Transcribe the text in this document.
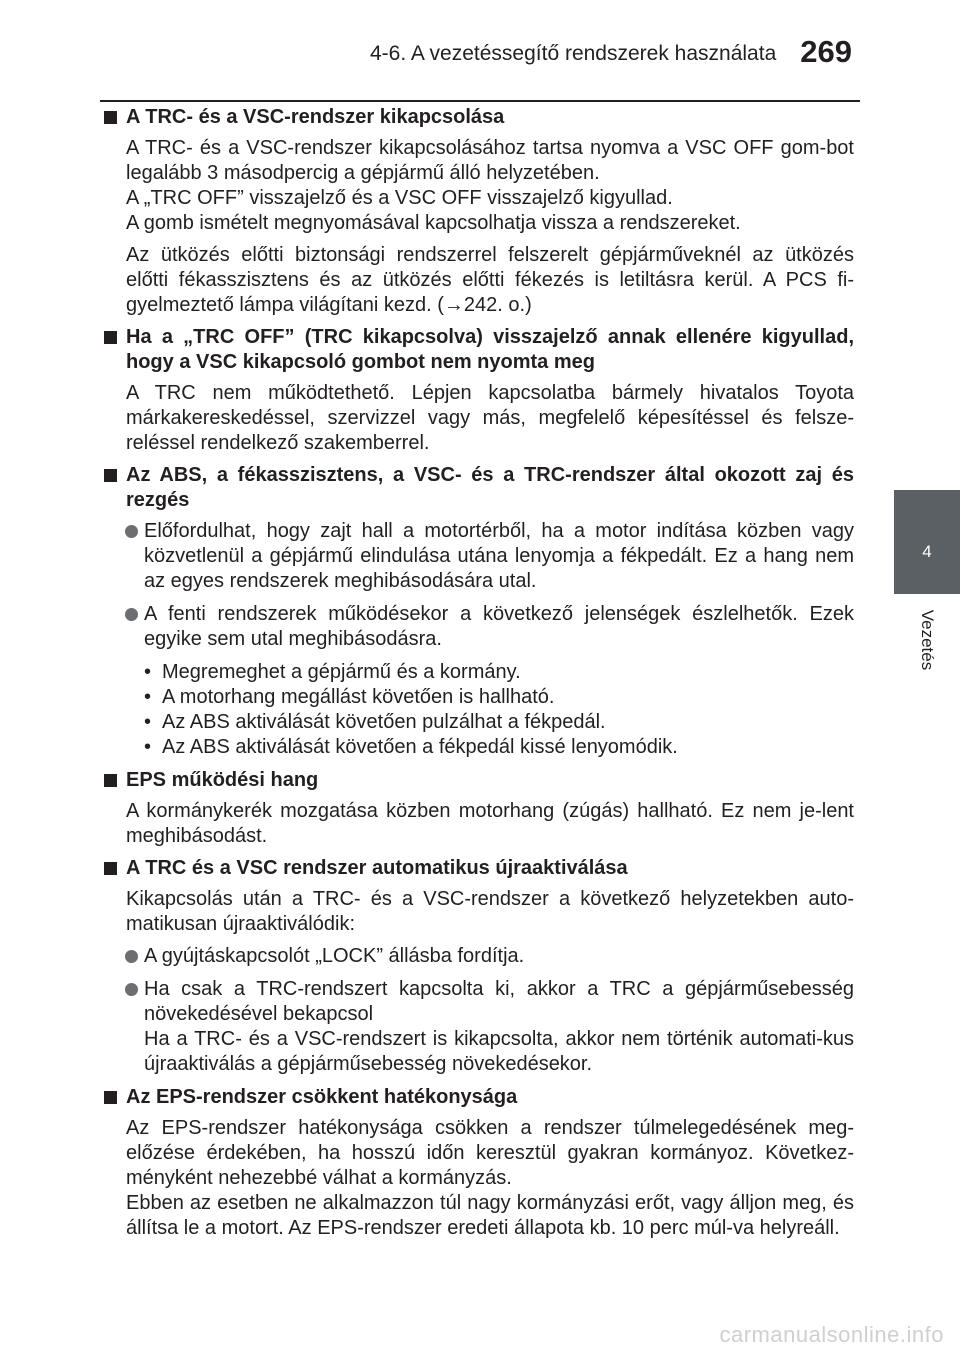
4-6. A vezetéssegítő rendszerek használata 269
4
Vezetés
A TRC- és a VSC-rendszer kikapcsolása
A TRC- és a VSC-rendszer kikapcsolásához tartsa nyomva a VSC OFF gom-bot legalább 3 másodpercig a gépjármű álló helyzetében.
A „TRC OFF” visszajelző és a VSC OFF visszajelző kigyullad.
A gomb ismételt megnyomásával kapcsolhatja vissza a rendszereket.
Az ütközés előtti biztonsági rendszerrel felszerelt gépjárműveknél az ütközés előtti fékasszisztens és az ütközés előtti fékezés is letiltásra kerül. A PCS fi-gyelmeztető lámpa világítani kezd. (→242. o.)
Ha a „TRC OFF” (TRC kikapcsolva) visszajelző annak ellenére kigyullad, hogy a VSC kikapcsoló gombot nem nyomta meg
A TRC nem működtethető. Lépjen kapcsolatba bármely hivatalos Toyota márkakereskedéssel, szervizzel vagy más, megfelelő képesítéssel és felsze-reléssel rendelkező szakemberrel.
Az ABS, a fékasszisztens, a VSC- és a TRC-rendszer által okozott zaj és rezgés
Előfordulhat, hogy zajt hall a motortérből, ha a motor indítása közben vagy közvetlenül a gépjármű elindulása utána lenyomja a fékpedált. Ez a hang nem az egyes rendszerek meghibásodására utal.
A fenti rendszerek működésekor a következő jelenségek észlelhetők. Ezek egyike sem utal meghibásodásra.
• Megremeghet a gépjármű és a kormány.
• A motorhang megállást követően is hallható.
• Az ABS aktiválását követően pulzálhat a fékpedál.
• Az ABS aktiválását követően a fékpedál kissé lenyomódik.
EPS működési hang
A kormánykerék mozgatása közben motorhang (zúgás) hallható. Ez nem je-lent meghibásodást.
A TRC és a VSC rendszer automatikus újraaktiválása
Kikapcsolás után a TRC- és a VSC-rendszer a következő helyzetekben auto-matikusan újraaktiválódik:
A gyújtáskapcsolót „LOCK” állásba fordítja.
Ha csak a TRC-rendszert kapcsolta ki, akkor a TRC a gépjárműsebesség növekedésével bekapcsol
Ha a TRC- és a VSC-rendszert is kikapcsolta, akkor nem történik automati-kus újraaktiválás a gépjárműsebesség növekedésekor.
Az EPS-rendszer csökkent hatékonysága
Az EPS-rendszer hatékonysága csökken a rendszer túlmelegedésének meg-előzése érdekében, ha hosszú időn keresztül gyakran kormányoz. Következ-ményként nehezebbé válhat a kormányzás.
Ebben az esetben ne alkalmazzon túl nagy kormányzási erőt, vagy álljon meg, és állítsa le a motort. Az EPS-rendszer eredeti állapota kb. 10 perc múl-va helyreáll.
carmanualsonline.info
